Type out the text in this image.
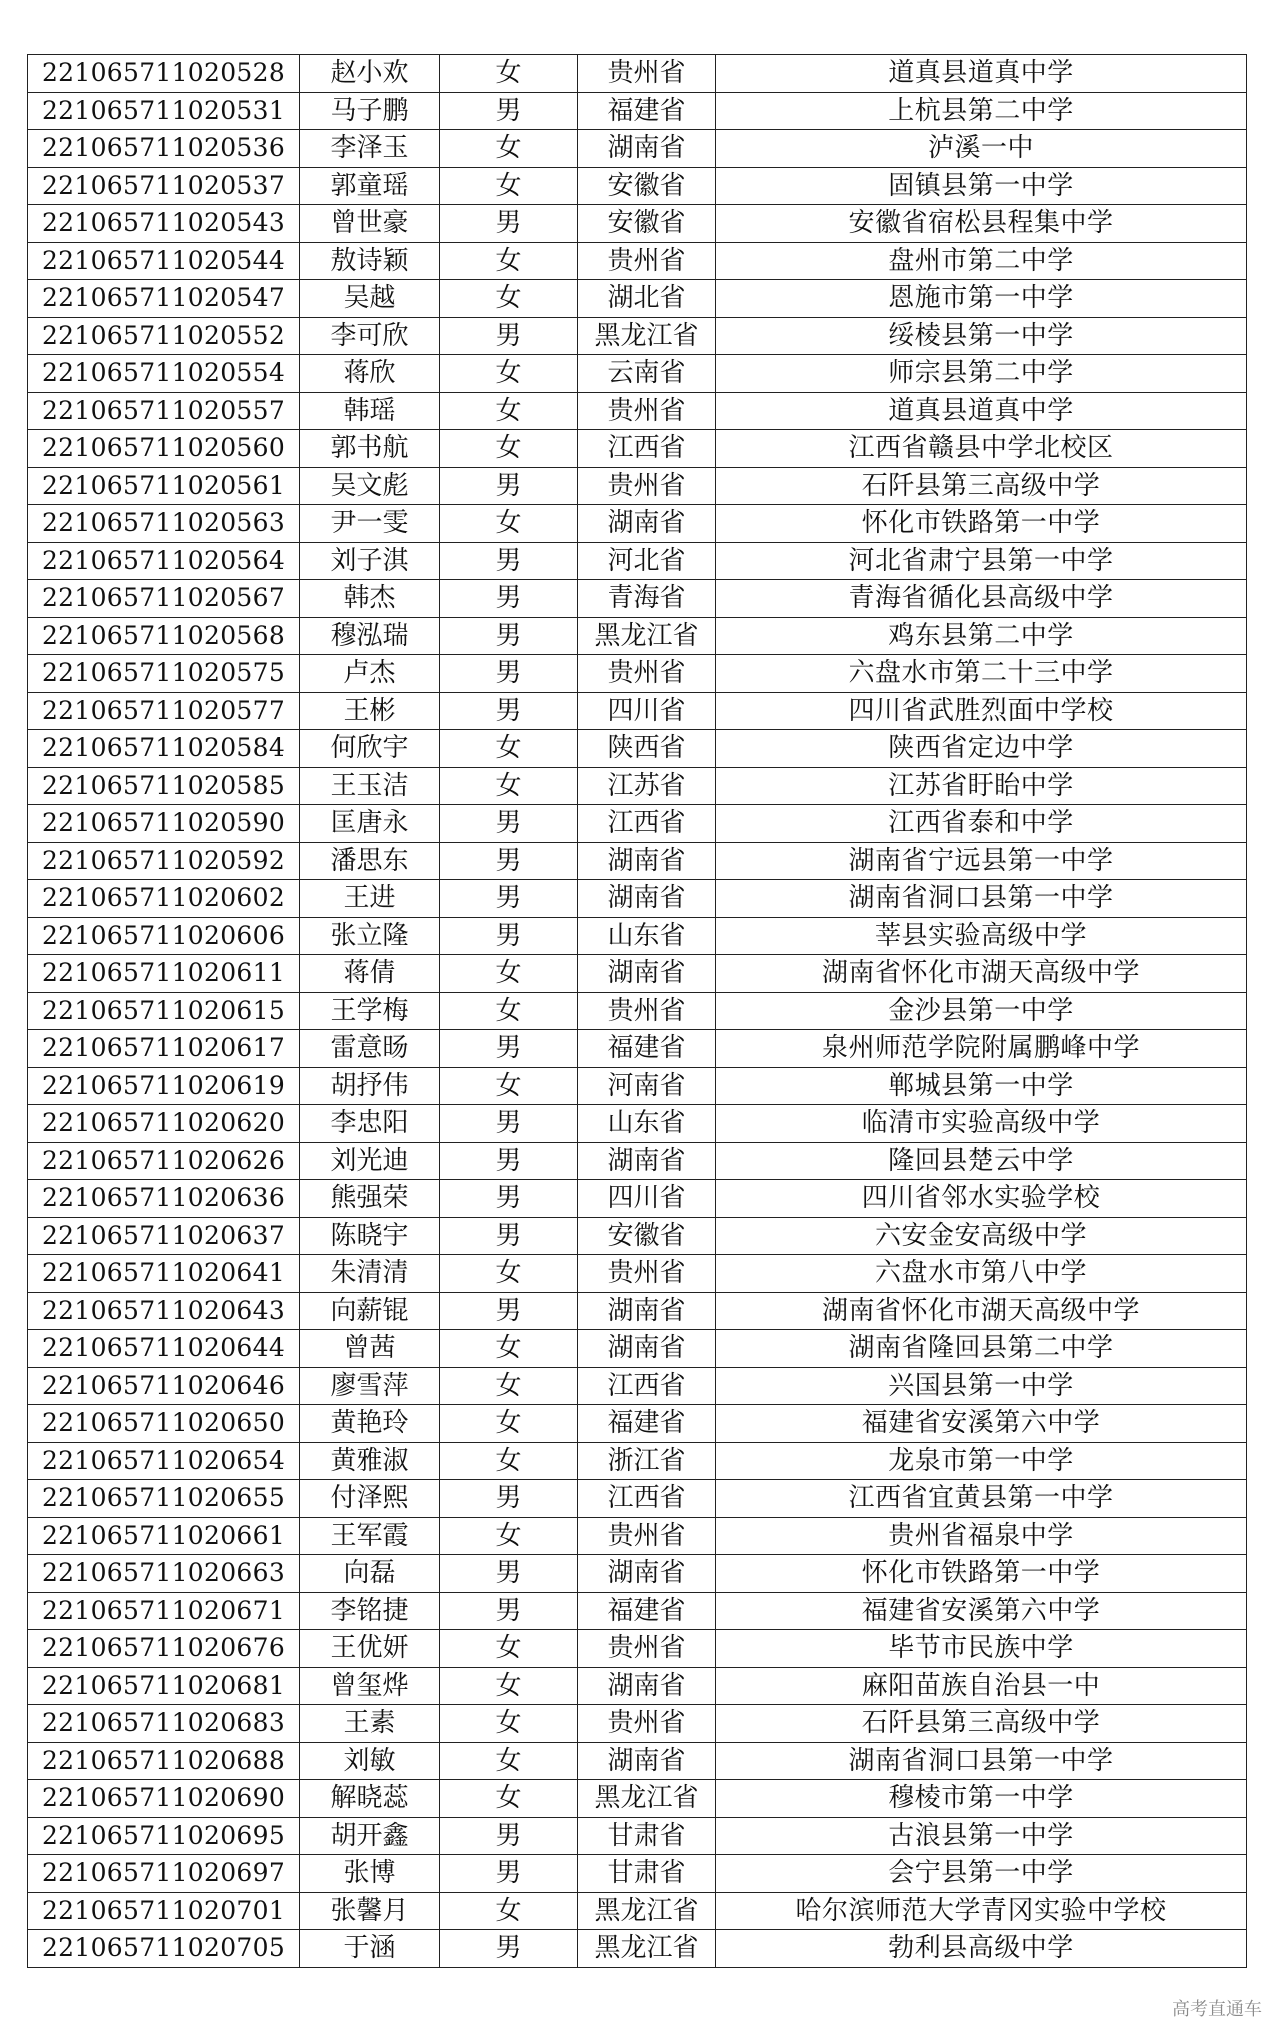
221065711020528	赵小欢	女	贵州省	道真县道真中学
221065711020531	马子鹏	男	福建省	上杭县第二中学
221065711020536	李泽玉	女	湖南省	泸溪一中
221065711020537	郭童瑶	女	安徽省	固镇县第一中学
221065711020543	曾世豪	男	安徽省	安徽省宿松县程集中学
221065711020544	敖诗颖	女	贵州省	盘州市第二中学
221065711020547	吴越	女	湖北省	恩施市第一中学
221065711020552	李可欣	男	黑龙江省	绥棱县第一中学
221065711020554	蒋欣	女	云南省	师宗县第二中学
221065711020557	韩瑶	女	贵州省	道真县道真中学
221065711020560	郭书航	女	江西省	江西省赣县中学北校区
221065711020561	吴文彪	男	贵州省	石阡县第三高级中学
221065711020563	尹一雯	女	湖南省	怀化市铁路第一中学
221065711020564	刘子淇	男	河北省	河北省肃宁县第一中学
221065711020567	韩杰	男	青海省	青海省循化县高级中学
221065711020568	穆泓瑞	男	黑龙江省	鸡东县第二中学
221065711020575	卢杰	男	贵州省	六盘水市第二十三中学
221065711020577	王彬	男	四川省	四川省武胜烈面中学校
221065711020584	何欣宇	女	陕西省	陕西省定边中学
221065711020585	王玉洁	女	江苏省	江苏省盱眙中学
221065711020590	匡唐永	男	江西省	江西省泰和中学
221065711020592	潘思东	男	湖南省	湖南省宁远县第一中学
221065711020602	王进	男	湖南省	湖南省洞口县第一中学
221065711020606	张立隆	男	山东省	莘县实验高级中学
221065711020611	蒋倩	女	湖南省	湖南省怀化市湖天高级中学
221065711020615	王学梅	女	贵州省	金沙县第一中学
221065711020617	雷意旸	男	福建省	泉州师范学院附属鹏峰中学
221065711020619	胡抒伟	女	河南省	郸城县第一中学
221065711020620	李忠阳	男	山东省	临清市实验高级中学
221065711020626	刘光迪	男	湖南省	隆回县楚云中学
221065711020636	熊强荣	男	四川省	四川省邻水实验学校
221065711020637	陈晓宇	男	安徽省	六安金安高级中学
221065711020641	朱清清	女	贵州省	六盘水市第八中学
221065711020643	向薪锟	男	湖南省	湖南省怀化市湖天高级中学
221065711020644	曾茜	女	湖南省	湖南省隆回县第二中学
221065711020646	廖雪萍	女	江西省	兴国县第一中学
221065711020650	黄艳玲	女	福建省	福建省安溪第六中学
221065711020654	黄雅淑	女	浙江省	龙泉市第一中学
221065711020655	付泽熙	男	江西省	江西省宜黄县第一中学
221065711020661	王军霞	女	贵州省	贵州省福泉中学
221065711020663	向磊	男	湖南省	怀化市铁路第一中学
221065711020671	李铭捷	男	福建省	福建省安溪第六中学
221065711020676	王优妍	女	贵州省	毕节市民族中学
221065711020681	曾玺烨	女	湖南省	麻阳苗族自治县一中
221065711020683	王素	女	贵州省	石阡县第三高级中学
221065711020688	刘敏	女	湖南省	湖南省洞口县第一中学
221065711020690	解晓蕊	女	黑龙江省	穆棱市第一中学
221065711020695	胡开鑫	男	甘肃省	古浪县第一中学
221065711020697	张博	男	甘肃省	会宁县第一中学
221065711020701	张馨月	女	黑龙江省	哈尔滨师范大学青冈实验中学校
221065711020705	于涵	男	黑龙江省	勃利县高级中学
高考直通车
